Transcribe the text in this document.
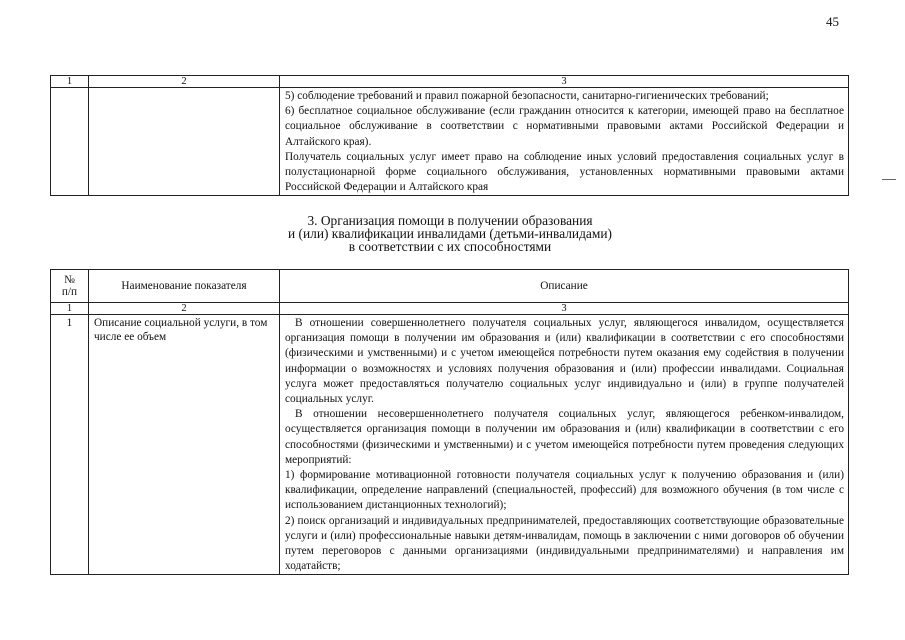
45
1	2	3

		5) соблюдение требований и правил пожарной безопасности, санитарно-гигиенических требований;

6) бесплатное социальное обслуживание (если гражданин относится к категории, имеющей право на бесплатное социальное обслуживание в соответствии с нормативными правовыми актами Российской Федерации и Алтайского края).

Получатель социальных услуг имеет право на соблюдение иных условий предоставления социальных услуг в полустационарной форме социального обслуживания, установленных нормативными правовыми актами Российской Федерации и Алтайского края

3. Организация помощи в получении образования
и (или) квалификации инвалидами (детьми-инвалидами)
в соответствии с их способностями
№
п/п	Наименование показателя	Описание
1	2	3
1	Описание социальной услуги, в том числе ее объем	В отношении совершеннолетнего получателя социальных услуг, являющегося инвалидом, осуществляется организация помощи в получении им образования и (или) квалификации в соответствии с его способностями (физическими и умственными) и с учетом имеющейся потребности путем оказания ему содействия в получении информации о возможностях и условиях получения образования и (или) профессии инвалидами. Социальная услуга может предоставляться получателю социальных услуг индивидуально и (или) в группе получателей социальных услуг.

В отношении несовершеннолетнего получателя социальных услуг, являющегося ребенком-инвалидом, осуществляется организация помощи в получении им образования и (или) квалификации в соответствии с его способностями (физическими и умственными) и с учетом имеющейся потребности путем проведения следующих мероприятий:

1) формирование мотивационной готовности получателя социальных услуг к получению образования и (или) квалификации, определение направлений (специальностей, профессий) для возможного обучения (в том числе с использованием дистанционных технологий);

2) поиск организаций и индивидуальных предпринимателей, предоставляющих соответствующие образовательные услуги и (или) профессиональные навыки детям-инвалидам, помощь в заключении с ними договоров об обучении путем переговоров с данными организациями (индивидуальными предпринимателями) и направления им ходатайств;
